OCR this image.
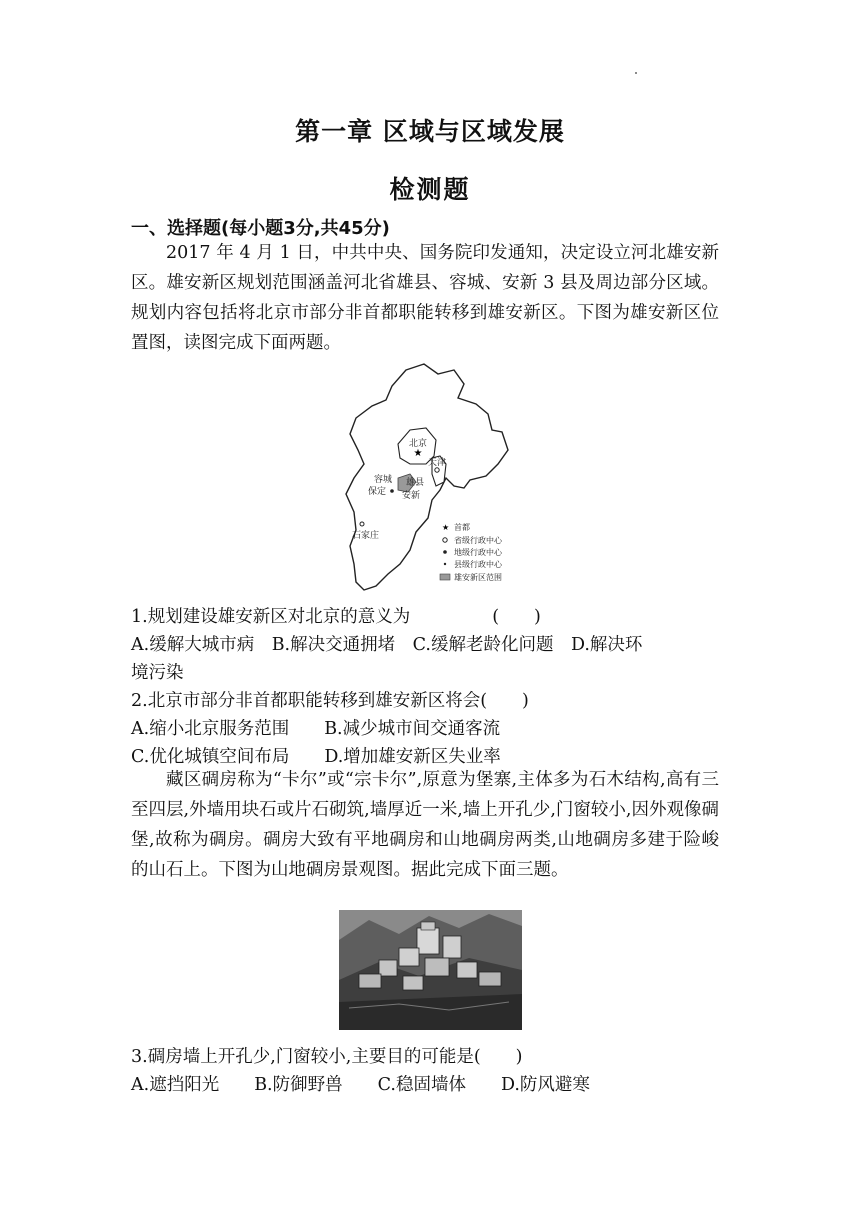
第一章 区域与区域发展
检测题
一、选择题(每小题3分,共45分)
2017 年 4 月 1 日，中共中央、国务院印发通知，决定设立河北雄安新区。雄安新区规划范围涵盖河北省雄县、容城、安新 3 县及周边部分区域。规划内容包括将北京市部分非首都职能转移到雄安新区。下图为雄安新区位置图，读图完成下面两题。
★
北京
天津
容城 雄县
保定 安新
石家庄
★ 首都
省级行政中心
地级行政中心
县级行政中心
雄安新区范围
1.规划建设雄安新区对北京的意义为	(　　)
A.缓解大城市病　B.解决交通拥堵　C.缓解老龄化问题　D.解决环
境污染
2.北京市部分非首都职能转移到雄安新区将会(　　)
A.缩小北京服务范围　　B.减少城市间交通客流
C.优化城镇空间布局　　D.增加雄安新区失业率
藏区碉房称为“卡尔”或“宗卡尔”,原意为堡寨,主体多为石木结构,高有三至四层,外墙用块石或片石砌筑,墙厚近一米,墙上开孔少,门窗较小,因外观像碉堡,故称为碉房。碉房大致有平地碉房和山地碉房两类,山地碉房多建于险峻的山石上。下图为山地碉房景观图。据此完成下面三题。
3.碉房墙上开孔少,门窗较小,主要目的可能是(　　)
A.遮挡阳光　　B.防御野兽　　C.稳固墙体　　D.防风避寒
